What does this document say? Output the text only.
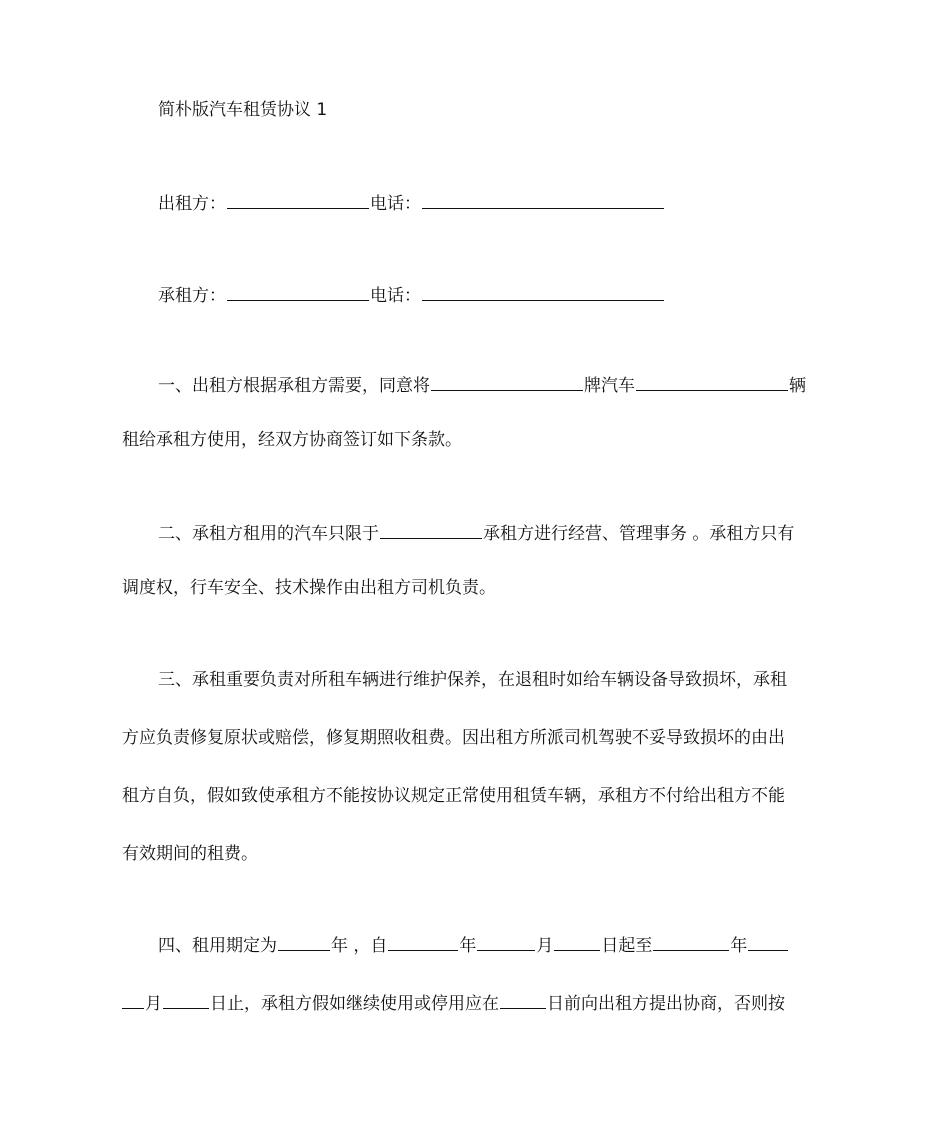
简朴版汽车租赁协议 1
出租方：	电话：
承租方：	电话：
一、出租方根据承租方需要，同意将	牌汽车	辆
租给承租方使用，经双方协商签订如下条款。
二、承租方租用的汽车只限于	承租方进行经营、管理事务 。承租方只有
调度权，行车安全、技术操作由出租方司机负责。
三、承租重要负责对所租车辆进行维护保养，在退租时如给车辆设备导致损坏，承租
方应负责修复原状或赔偿，修复期照收租费。因出租方所派司机驾驶不妥导致损坏的由出
租方自负，假如致使承租方不能按协议规定正常使用租赁车辆，承租方不付给出租方不能
有效期间的租费。
四、租用期定为	年 ，自	年	月	日起至	年
月	日止，承租方假如继续使用或停用应在	日前向出租方提出协商，否则按
